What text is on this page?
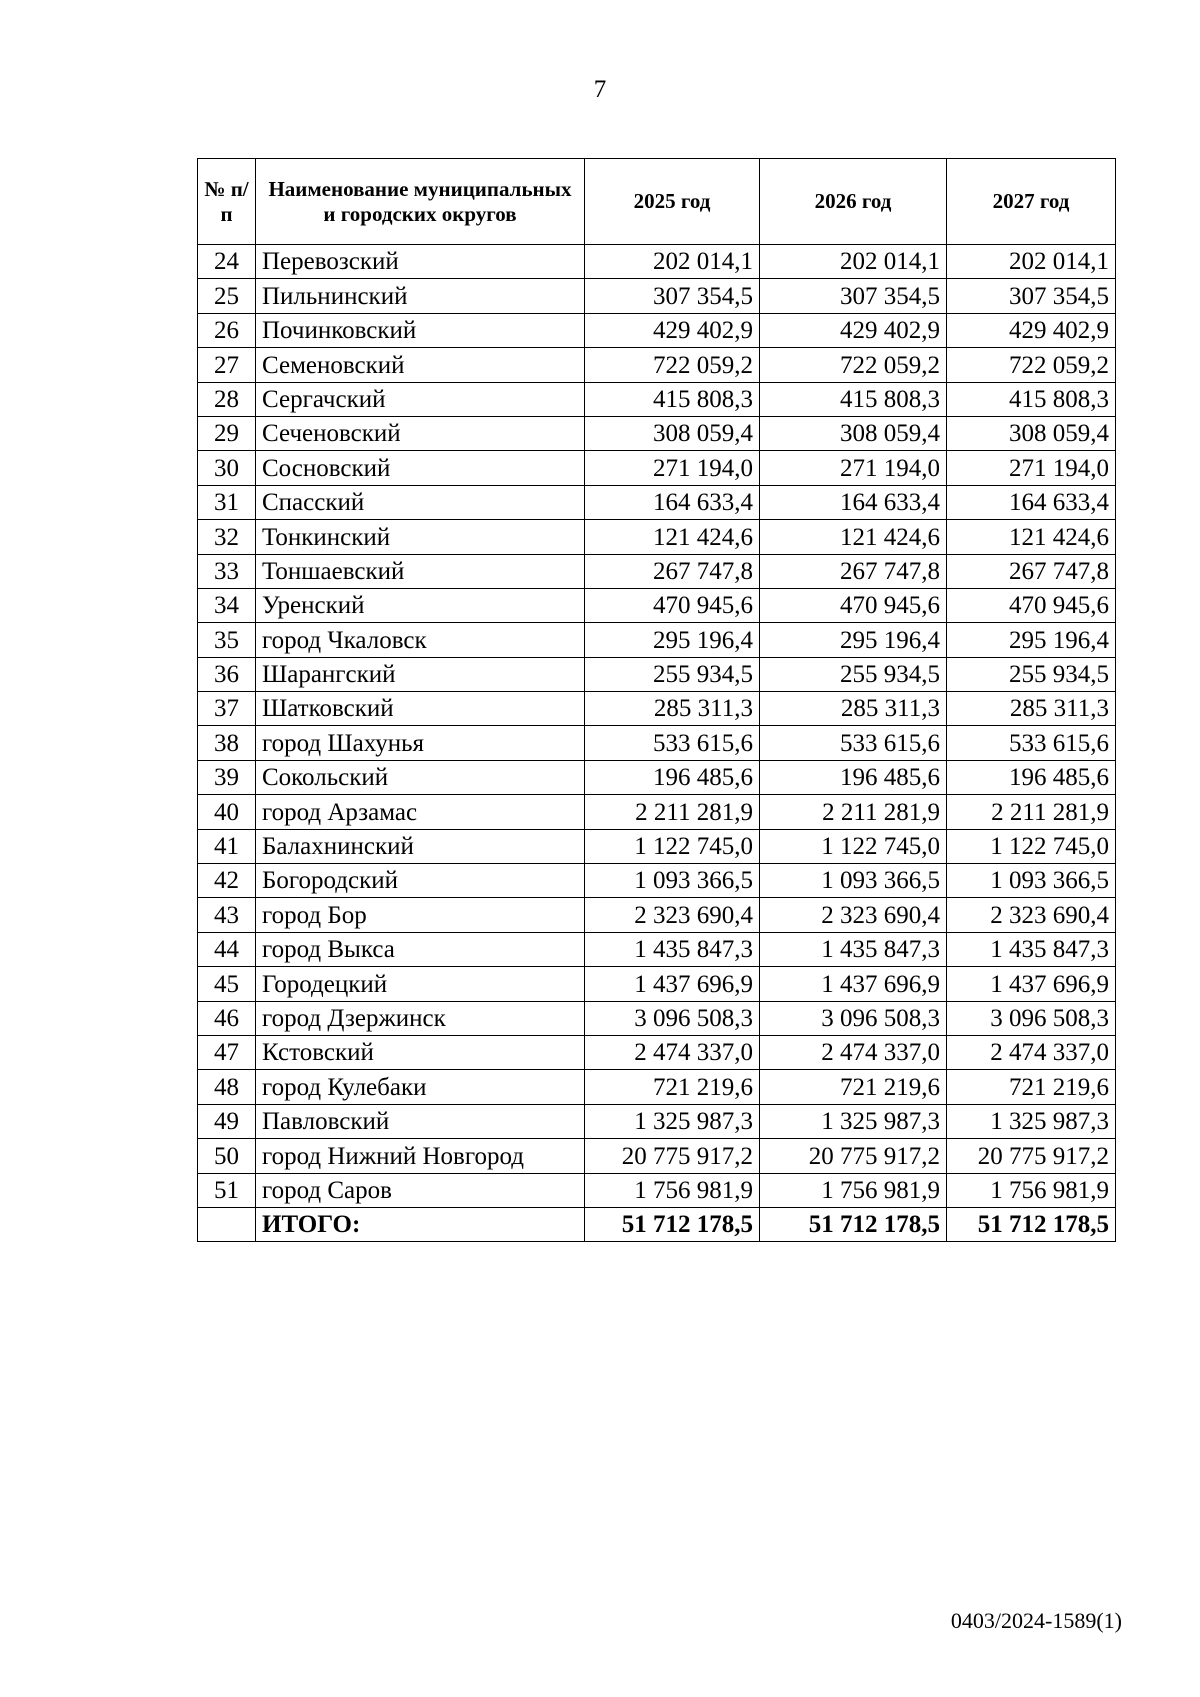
7
№ п/п	Наименование муниципальных и городских округов	2025 год	2026 год	2027 год
24	Перевозский	202 014,1	202 014,1	202 014,1
25	Пильнинский	307 354,5	307 354,5	307 354,5
26	Починковский	429 402,9	429 402,9	429 402,9
27	Семеновский	722 059,2	722 059,2	722 059,2
28	Сергачский	415 808,3	415 808,3	415 808,3
29	Сеченовский	308 059,4	308 059,4	308 059,4
30	Сосновский	271 194,0	271 194,0	271 194,0
31	Спасский	164 633,4	164 633,4	164 633,4
32	Тонкинский	121 424,6	121 424,6	121 424,6
33	Тоншаевский	267 747,8	267 747,8	267 747,8
34	Уренский	470 945,6	470 945,6	470 945,6
35	город Чкаловск	295 196,4	295 196,4	295 196,4
36	Шарангский	255 934,5	255 934,5	255 934,5
37	Шатковский	285 311,3	285 311,3	285 311,3
38	город Шахунья	533 615,6	533 615,6	533 615,6
39	Сокольский	196 485,6	196 485,6	196 485,6
40	город Арзамас	2 211 281,9	2 211 281,9	2 211 281,9
41	Балахнинский	1 122 745,0	1 122 745,0	1 122 745,0
42	Богородский	1 093 366,5	1 093 366,5	1 093 366,5
43	город Бор	2 323 690,4	2 323 690,4	2 323 690,4
44	город Выкса	1 435 847,3	1 435 847,3	1 435 847,3
45	Городецкий	1 437 696,9	1 437 696,9	1 437 696,9
46	город Дзержинск	3 096 508,3	3 096 508,3	3 096 508,3
47	Кстовский	2 474 337,0	2 474 337,0	2 474 337,0
48	город Кулебаки	721 219,6	721 219,6	721 219,6
49	Павловский	1 325 987,3	1 325 987,3	1 325 987,3
50	город Нижний Новгород	20 775 917,2	20 775 917,2	20 775 917,2
51	город Саров	1 756 981,9	1 756 981,9	1 756 981,9
	ИТОГО:	51 712 178,5	51 712 178,5	51 712 178,5
0403/2024-1589(1)
